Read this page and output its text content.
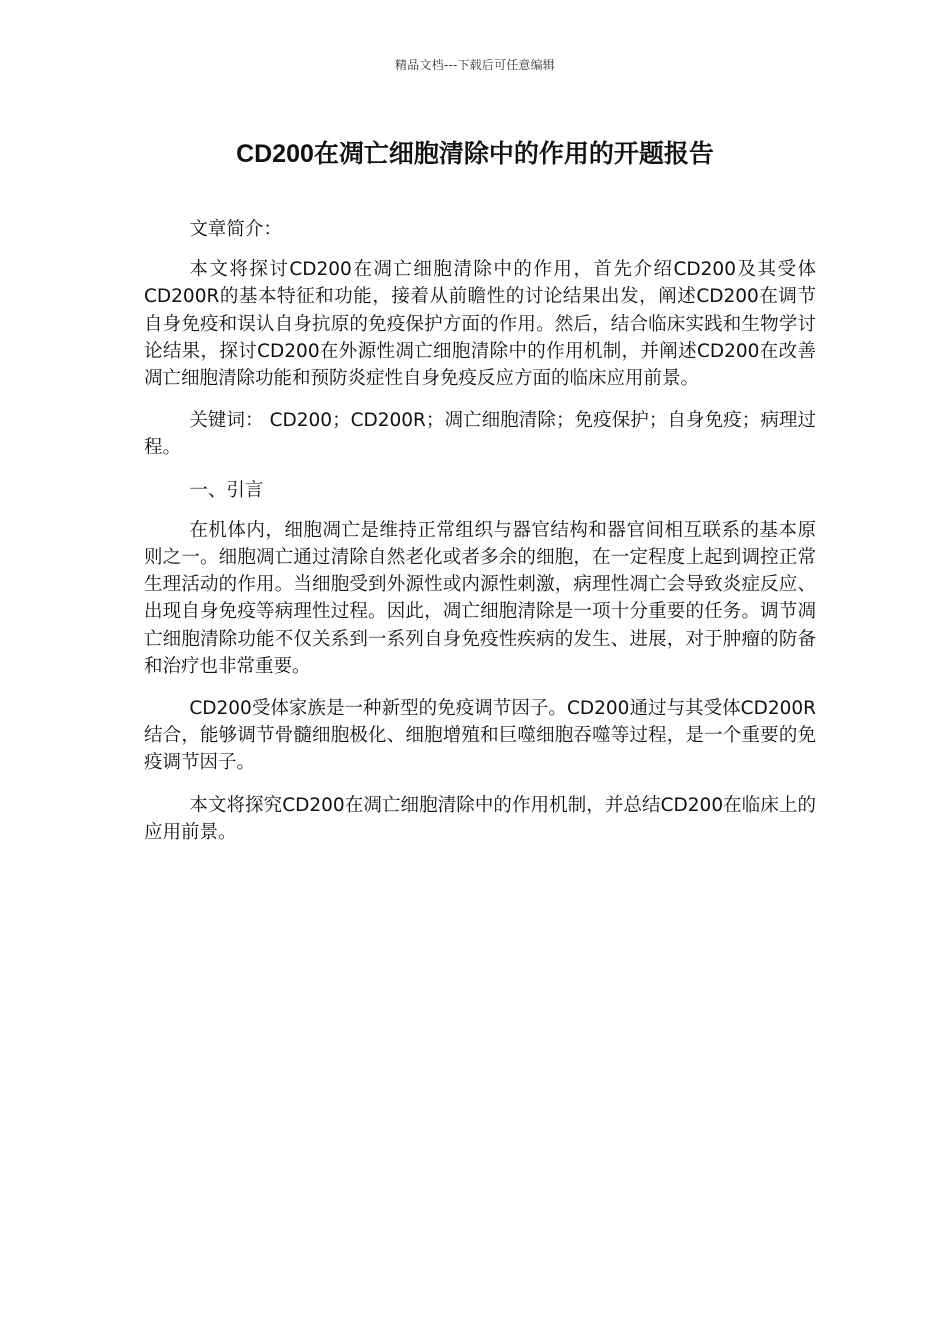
精品文档---下载后可任意编辑
CD200在凋亡细胞清除中的作用的开题报告

文章简介：

本文将探讨CD200在凋亡细胞清除中的作用，首先介绍CD200及其受体CD200R的基本特征和功能，接着从前瞻性的讨论结果出发，阐述CD200在调节自身免疫和误认自身抗原的免疫保护方面的作用。然后，结合临床实践和生物学讨论结果，探讨CD200在外源性凋亡细胞清除中的作用机制，并阐述CD200在改善凋亡细胞清除功能和预防炎症性自身免疫反应方面的临床应用前景。

关键词： CD200；CD200R；凋亡细胞清除；免疫保护；自身免疫；病理过程。

一、引言

在机体内，细胞凋亡是维持正常组织与器官结构和器官间相互联系的基本原则之一。细胞凋亡通过清除自然老化或者多余的细胞，在一定程度上起到调控正常生理活动的作用。当细胞受到外源性或内源性刺激，病理性凋亡会导致炎症反应、出现自身免疫等病理性过程。因此，凋亡细胞清除是一项十分重要的任务。调节凋亡细胞清除功能不仅关系到一系列自身免疫性疾病的发生、进展，对于肿瘤的防备和治疗也非常重要。

CD200受体家族是一种新型的免疫调节因子。CD200通过与其受体CD200R结合，能够调节骨髓细胞极化、细胞增殖和巨噬细胞吞噬等过程，是一个重要的免疫调节因子。

本文将探究CD200在凋亡细胞清除中的作用机制，并总结CD200在临床上的应用前景。
